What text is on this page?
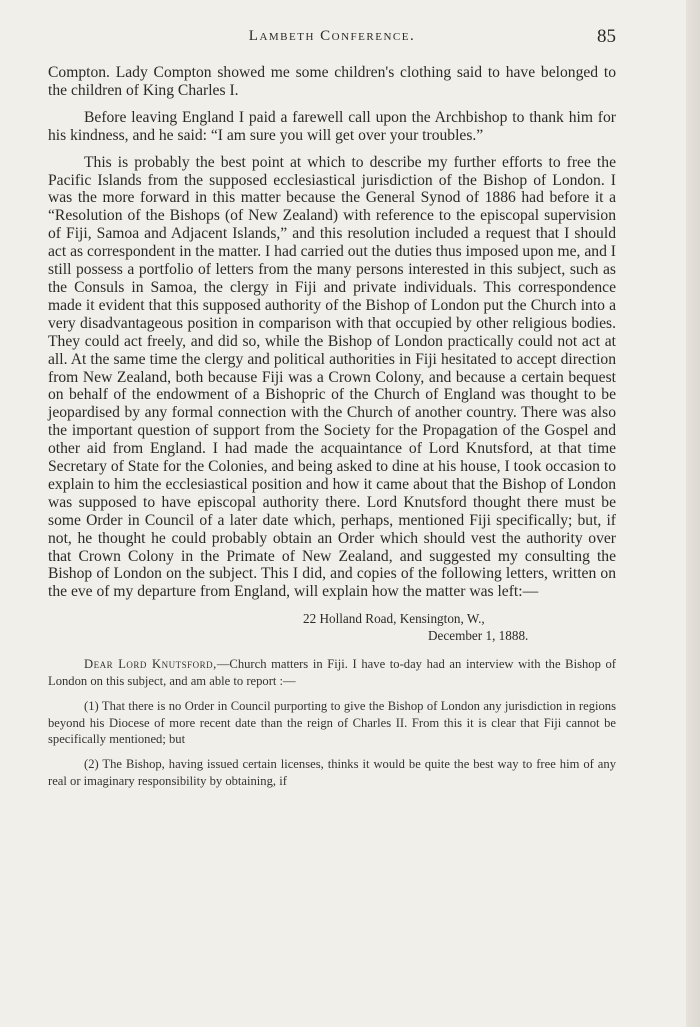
Lambeth Conference.	85

Compton. Lady Compton showed me some children's clothing said to have belonged to the children of King Charles I.

Before leaving England I paid a farewell call upon the Archbishop to thank him for his kindness, and he said: “I am sure you will get over your troubles.”

This is probably the best point at which to describe my further efforts to free the Pacific Islands from the supposed ecclesiastical jurisdiction of the Bishop of London. I was the more forward in this matter because the General Synod of 1886 had before it a “Resolution of the Bishops (of New Zealand) with reference to the episcopal supervision of Fiji, Samoa and Adjacent Islands,” and this resolution included a request that I should act as correspondent in the matter. I had carried out the duties thus imposed upon me, and I still possess a portfolio of letters from the many persons interested in this subject, such as the Consuls in Samoa, the clergy in Fiji and private individuals. This correspondence made it evident that this supposed authority of the Bishop of London put the Church into a very disadvantageous position in comparison with that occupied by other religious bodies. They could act freely, and did so, while the Bishop of London practically could not act at all. At the same time the clergy and political authorities in Fiji hesitated to accept direction from New Zealand, both because Fiji was a Crown Colony, and because a certain bequest on behalf of the endowment of a Bishopric of the Church of England was thought to be jeopardised by any formal connection with the Church of another country. There was also the important question of support from the Society for the Propagation of the Gospel and other aid from England. I had made the acquaintance of Lord Knutsford, at that time Secretary of State for the Colonies, and being asked to dine at his house, I took occasion to explain to him the ecclesiastical position and how it came about that the Bishop of London was supposed to have episcopal authority there. Lord Knutsford thought there must be some Order in Council of a later date which, perhaps, mentioned Fiji specifically; but, if not, he thought he could probably obtain an Order which should vest the authority over that Crown Colony in the Primate of New Zealand, and suggested my consulting the Bishop of London on the subject. This I did, and copies of the following letters, written on the eve of my departure from England, will explain how the matter was left:—

22 Holland Road, Kensington, W.,
December 1, 1888.

Dear Lord Knutsford,—Church matters in Fiji. I have to-day had an interview with the Bishop of London on this subject, and am able to report :—

(1) That there is no Order in Council purporting to give the Bishop of London any jurisdiction in regions beyond his Diocese of more recent date than the reign of Charles II. From this it is clear that Fiji cannot be specifically mentioned; but

(2) The Bishop, having issued certain licenses, thinks it would be quite the best way to free him of any real or imaginary responsibility by obtaining, if
